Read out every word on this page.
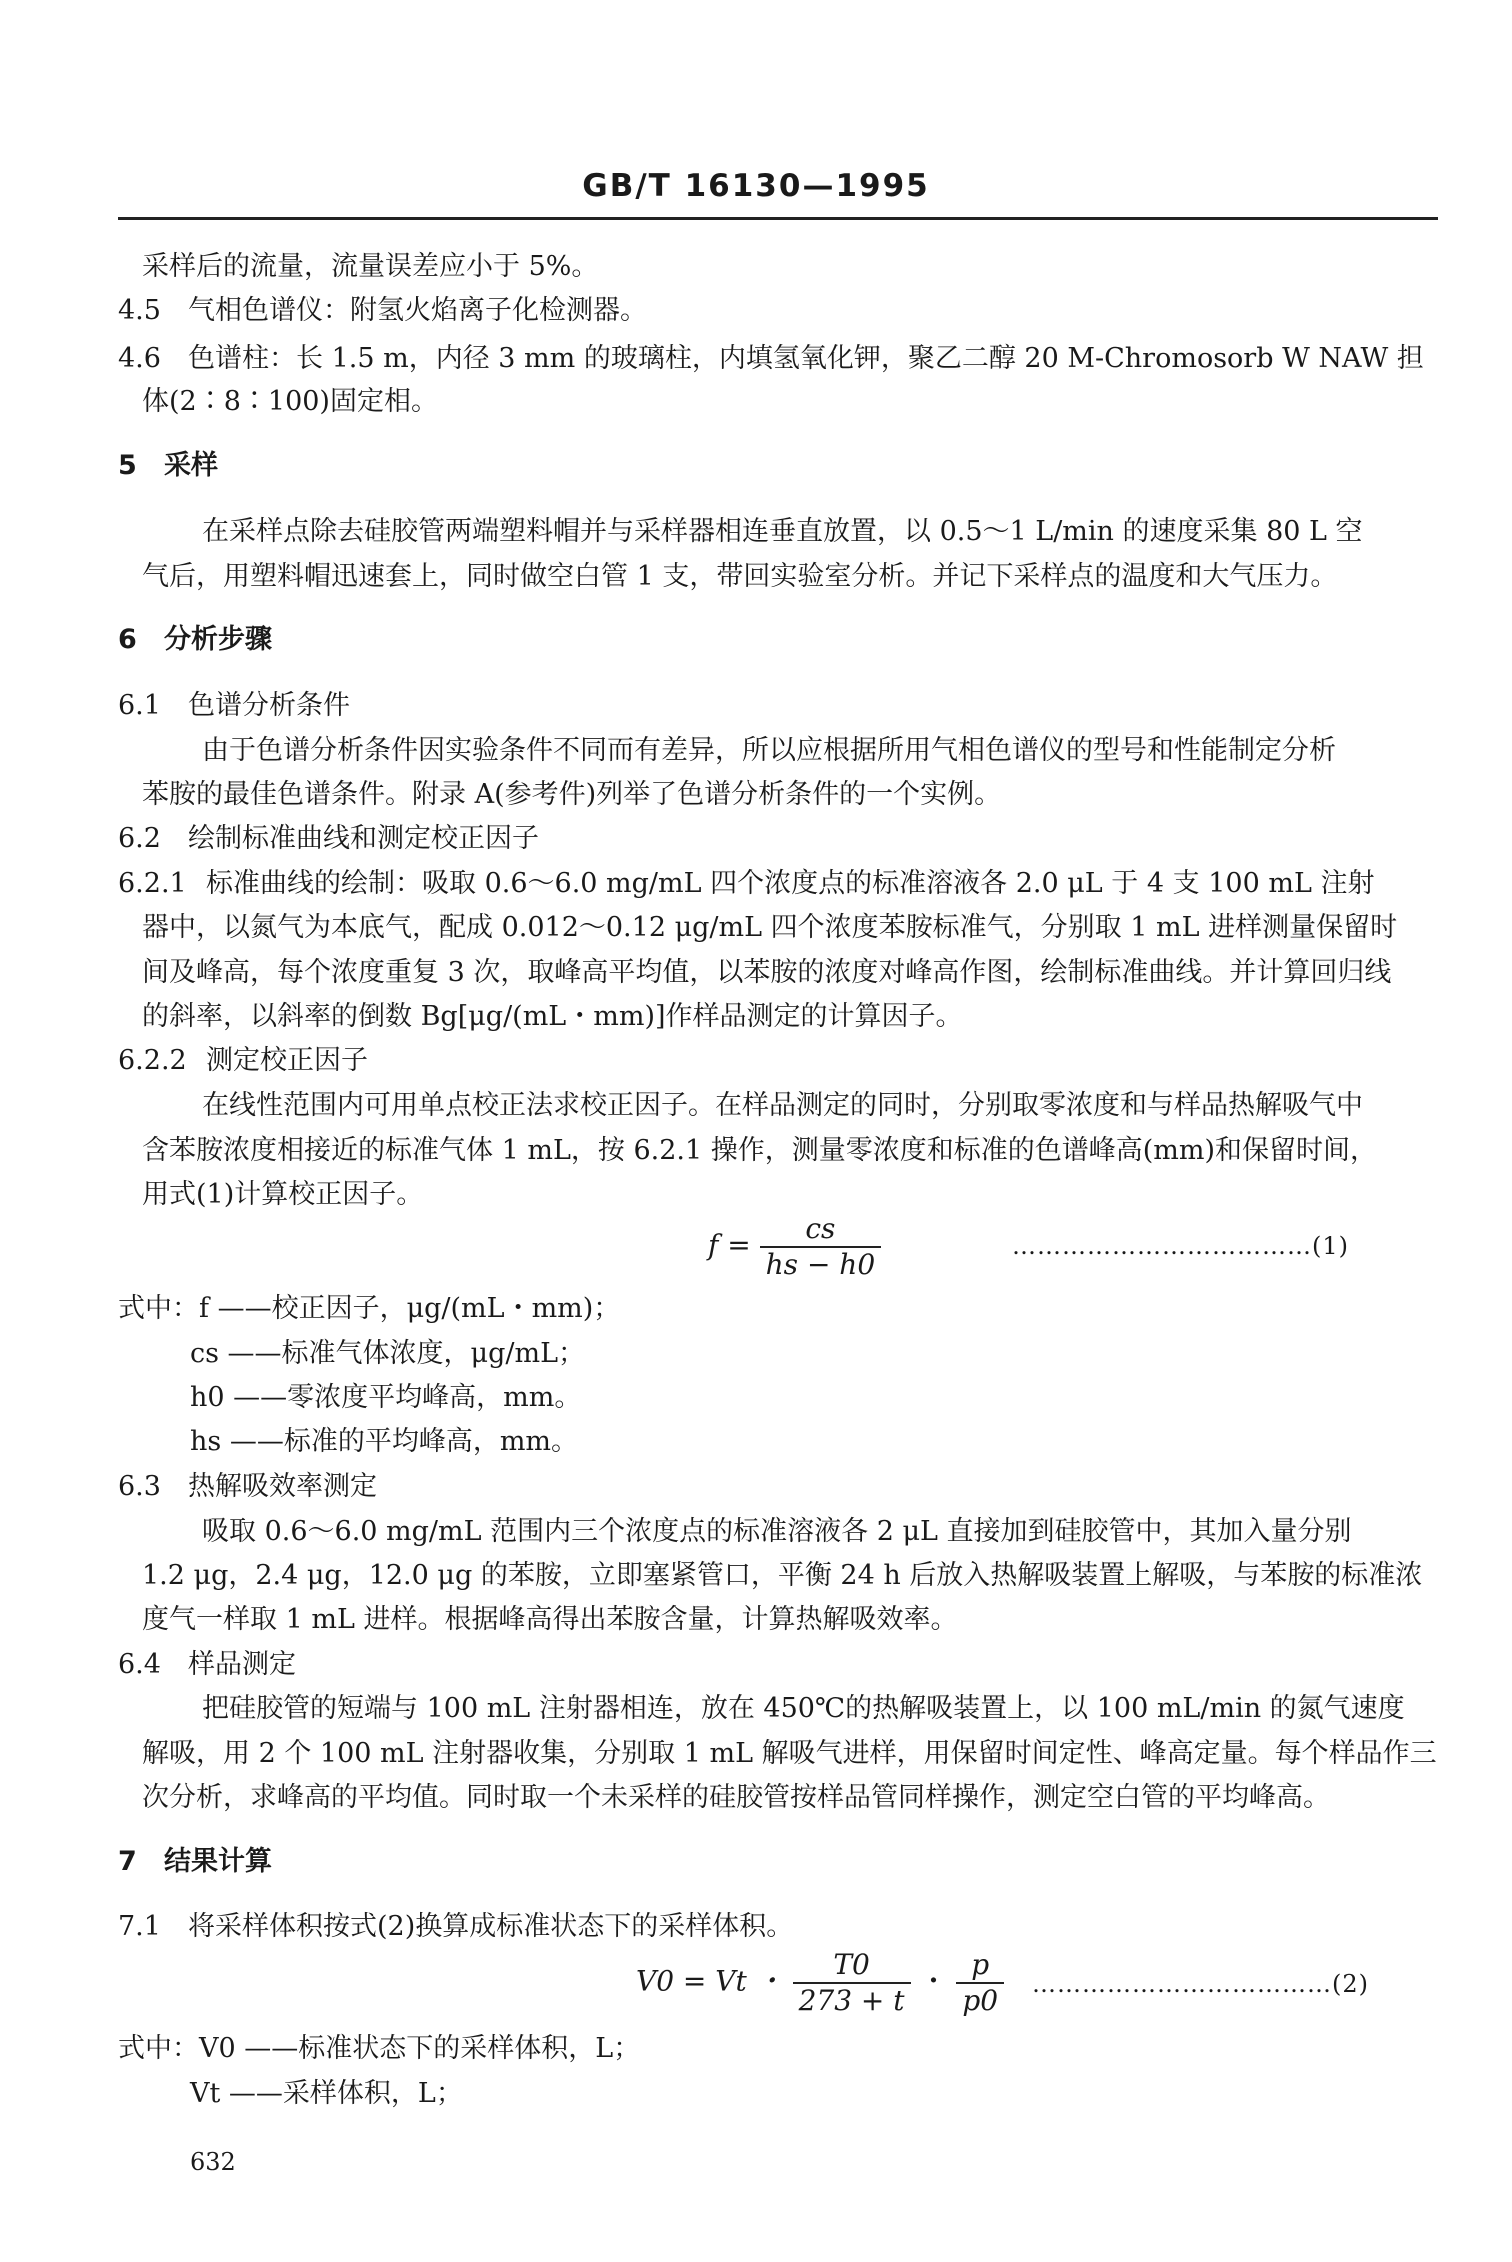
GB/T 16130—1995
采样后的流量，流量误差应小于 5%。
4.5 气相色谱仪：附氢火焰离子化检测器。
4.6 色谱柱：长 1.5 m，内径 3 mm 的玻璃柱，内填氢氧化钾，聚乙二醇 20 M-Chromosorb W NAW 担
体(2∶8∶100)固定相。
5 采样
在采样点除去硅胶管两端塑料帽并与采样器相连垂直放置，以 0.5～1 L/min 的速度采集 80 L 空
气后，用塑料帽迅速套上，同时做空白管 1 支，带回实验室分析。并记下采样点的温度和大气压力。
6 分析步骤
6.1 色谱分析条件
由于色谱分析条件因实验条件不同而有差异，所以应根据所用气相色谱仪的型号和性能制定分析
苯胺的最佳色谱条件。附录 A(参考件)列举了色谱分析条件的一个实例。
6.2 绘制标准曲线和测定校正因子
6.2.1 标准曲线的绘制：吸取 0.6～6.0 mg/mL 四个浓度点的标准溶液各 2.0 μL 于 4 支 100 mL 注射
器中，以氮气为本底气，配成 0.012～0.12 μg/mL 四个浓度苯胺标准气，分别取 1 mL 进样测量保留时
间及峰高，每个浓度重复 3 次，取峰高平均值，以苯胺的浓度对峰高作图，绘制标准曲线。并计算回归线
的斜率，以斜率的倒数 Bg[μg/(mL・mm)]作样品测定的计算因子。
6.2.2 测定校正因子
在线性范围内可用单点校正法求校正因子。在样品测定的同时，分别取零浓度和与样品热解吸气中
含苯胺浓度相接近的标准气体 1 mL，按 6.2.1 操作，测量零浓度和标准的色谱峰高(mm)和保留时间，
用式(1)计算校正因子。
$f = \frac{cs}{hs - h0}$	………………………………(1)
式中：f ——校正因子，μg/(mL・mm)；
cs ——标准气体浓度，μg/mL；
h0 ——零浓度平均峰高，mm。
hs ——标准的平均峰高，mm。
6.3 热解吸效率测定
吸取 0.6～6.0 mg/mL 范围内三个浓度点的标准溶液各 2 μL 直接加到硅胶管中，其加入量分别
1.2 μg，2.4 μg，12.0 μg 的苯胺，立即塞紧管口，平衡 24 h 后放入热解吸装置上解吸，与苯胺的标准浓
度气一样取 1 mL 进样。根据峰高得出苯胺含量，计算热解吸效率。
6.4 样品测定
把硅胶管的短端与 100 mL 注射器相连，放在 450℃的热解吸装置上，以 100 mL/min 的氮气速度
解吸，用 2 个 100 mL 注射器收集，分别取 1 mL 解吸气进样，用保留时间定性、峰高定量。每个样品作三
次分析，求峰高的平均值。同时取一个未采样的硅胶管按样品管同样操作，测定空白管的平均峰高。
7 结果计算
7.1 将采样体积按式(2)换算成标准状态下的采样体积。
V0 = Vt ・ $\frac{T0}{273 + t}$ ・ $\frac{p}{p0}$ ………………………………(2)
式中：V0 ——标准状态下的采样体积，L；
Vt ——采样体积，L；
632
